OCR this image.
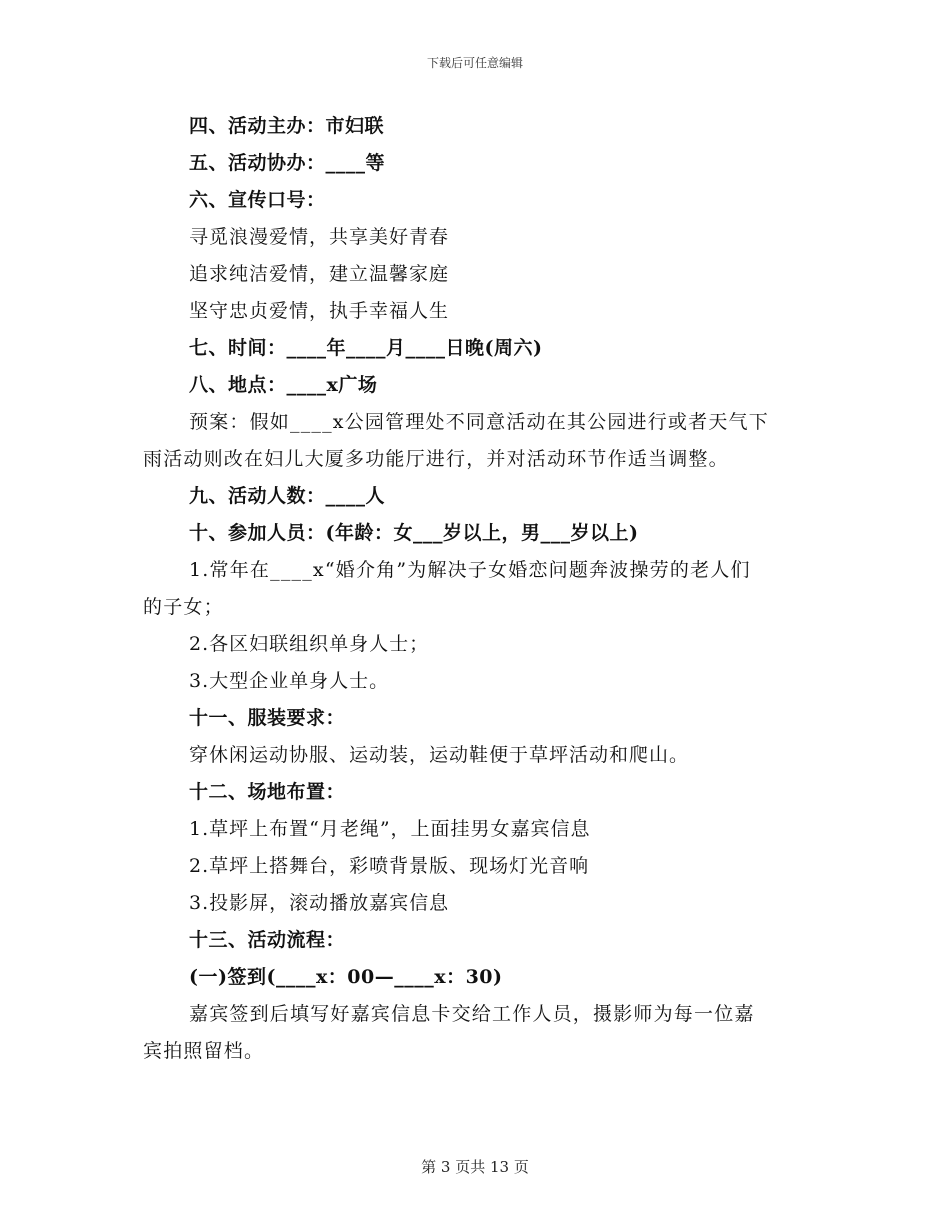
下载后可任意编辑
四、活动主办：市妇联
五、活动协办：____等
六、宣传口号：
寻觅浪漫爱情，共享美好青春
追求纯洁爱情，建立温馨家庭
坚守忠贞爱情，执手幸福人生
七、时间：____年____月____日晚(周六)
八、地点：____x广场
预案：假如____x公园管理处不同意活动在其公园进行或者天气下
雨活动则改在妇儿大厦多功能厅进行，并对活动环节作适当调整。
九、活动人数：____人
十、参加人员：(年龄：女___岁以上，男___岁以上)
1.常年在____x“婚介角”为解决子女婚恋问题奔波操劳的老人们
的子女；
2.各区妇联组织单身人士；
3.大型企业单身人士。
十一、服装要求：
穿休闲运动协服、运动装，运动鞋便于草坪活动和爬山。
十二、场地布置：
1.草坪上布置“月老绳”，上面挂男女嘉宾信息
2.草坪上搭舞台，彩喷背景版、现场灯光音响
3.投影屏，滚动播放嘉宾信息
十三、活动流程：
(一)签到(____x：00—____x：30)
嘉宾签到后填写好嘉宾信息卡交给工作人员，摄影师为每一位嘉
宾拍照留档。
第 3 页共 13 页
